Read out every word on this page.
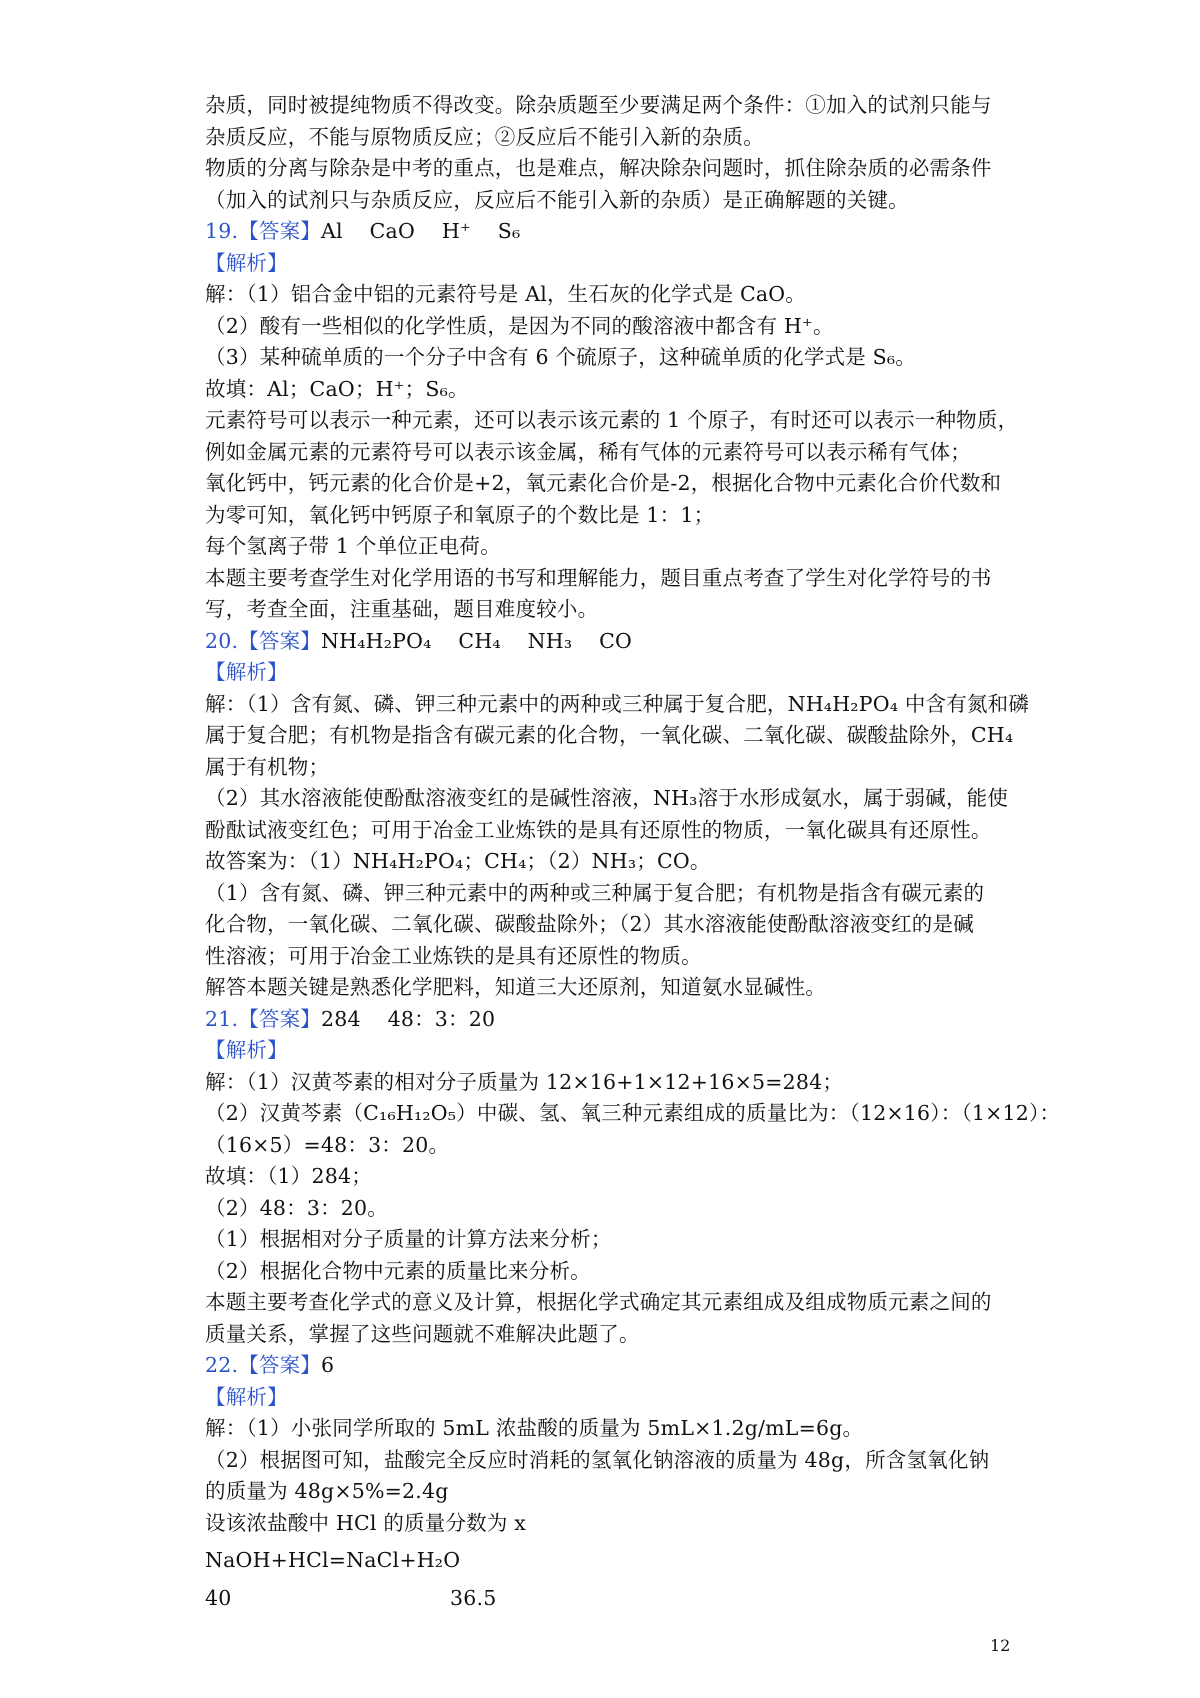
杂质，同时被提纯物质不得改变。除杂质题至少要满足两个条件：①加入的试剂只能与
杂质反应，不能与原物质反应；②反应后不能引入新的杂质。
物质的分离与除杂是中考的重点，也是难点，解决除杂问题时，抓住除杂质的必需条件
（加入的试剂只与杂质反应，反应后不能引入新的杂质）是正确解题的关键。
19.【答案】Al    CaO    H⁺    S₆
【解析】
解：（1）铝合金中铝的元素符号是 Al，生石灰的化学式是 CaO。
（2）酸有一些相似的化学性质，是因为不同的酸溶液中都含有 H⁺。
（3）某种硫单质的一个分子中含有 6 个硫原子，这种硫单质的化学式是 S₆。
故填：Al；CaO；H⁺；S₆。
元素符号可以表示一种元素，还可以表示该元素的 1 个原子，有时还可以表示一种物质，
例如金属元素的元素符号可以表示该金属，稀有气体的元素符号可以表示稀有气体；
氧化钙中，钙元素的化合价是+2，氧元素化合价是-2，根据化合物中元素化合价代数和
为零可知，氧化钙中钙原子和氧原子的个数比是 1：1；
每个氢离子带 1 个单位正电荷。
本题主要考查学生对化学用语的书写和理解能力，题目重点考查了学生对化学符号的书
写，考查全面，注重基础，题目难度较小。
20.【答案】NH₄H₂PO₄    CH₄    NH₃    CO
【解析】
解：（1）含有氮、磷、钾三种元素中的两种或三种属于复合肥，NH₄H₂PO₄ 中含有氮和磷
属于复合肥；有机物是指含有碳元素的化合物，一氧化碳、二氧化碳、碳酸盐除外，CH₄
属于有机物；
（2）其水溶液能使酚酞溶液变红的是碱性溶液，NH₃溶于水形成氨水，属于弱碱，能使
酚酞试液变红色；可用于冶金工业炼铁的是具有还原性的物质，一氧化碳具有还原性。
故答案为：（1）NH₄H₂PO₄；CH₄；（2）NH₃；CO。
（1）含有氮、磷、钾三种元素中的两种或三种属于复合肥；有机物是指含有碳元素的
化合物，一氧化碳、二氧化碳、碳酸盐除外；（2）其水溶液能使酚酞溶液变红的是碱
性溶液；可用于冶金工业炼铁的是具有还原性的物质。
解答本题关键是熟悉化学肥料，知道三大还原剂，知道氨水显碱性。
21.【答案】284    48：3：20
【解析】
解：（1）汉黄芩素的相对分子质量为 12×16+1×12+16×5=284；
（2）汉黄芩素（C₁₆H₁₂O₅）中碳、氢、氧三种元素组成的质量比为：（12×16）：（1×12）：
（16×5）=48：3：20。
故填：（1）284；
（2）48：3：20。
（1）根据相对分子质量的计算方法来分析；
（2）根据化合物中元素的质量比来分析。
本题主要考查化学式的意义及计算，根据化学式确定其元素组成及组成物质元素之间的
质量关系，掌握了这些问题就不难解决此题了。
22.【答案】6
【解析】
解：（1）小张同学所取的 5mL 浓盐酸的质量为 5mL×1.2g/mL=6g。
（2）根据图可知，盐酸完全反应时消耗的氢氧化钠溶液的质量为 48g，所含氢氧化钠
的质量为 48g×5%=2.4g
设该浓盐酸中 HCl 的质量分数为 x
NaOH+HCl=NaCl+H₂O
40	36.5
12
